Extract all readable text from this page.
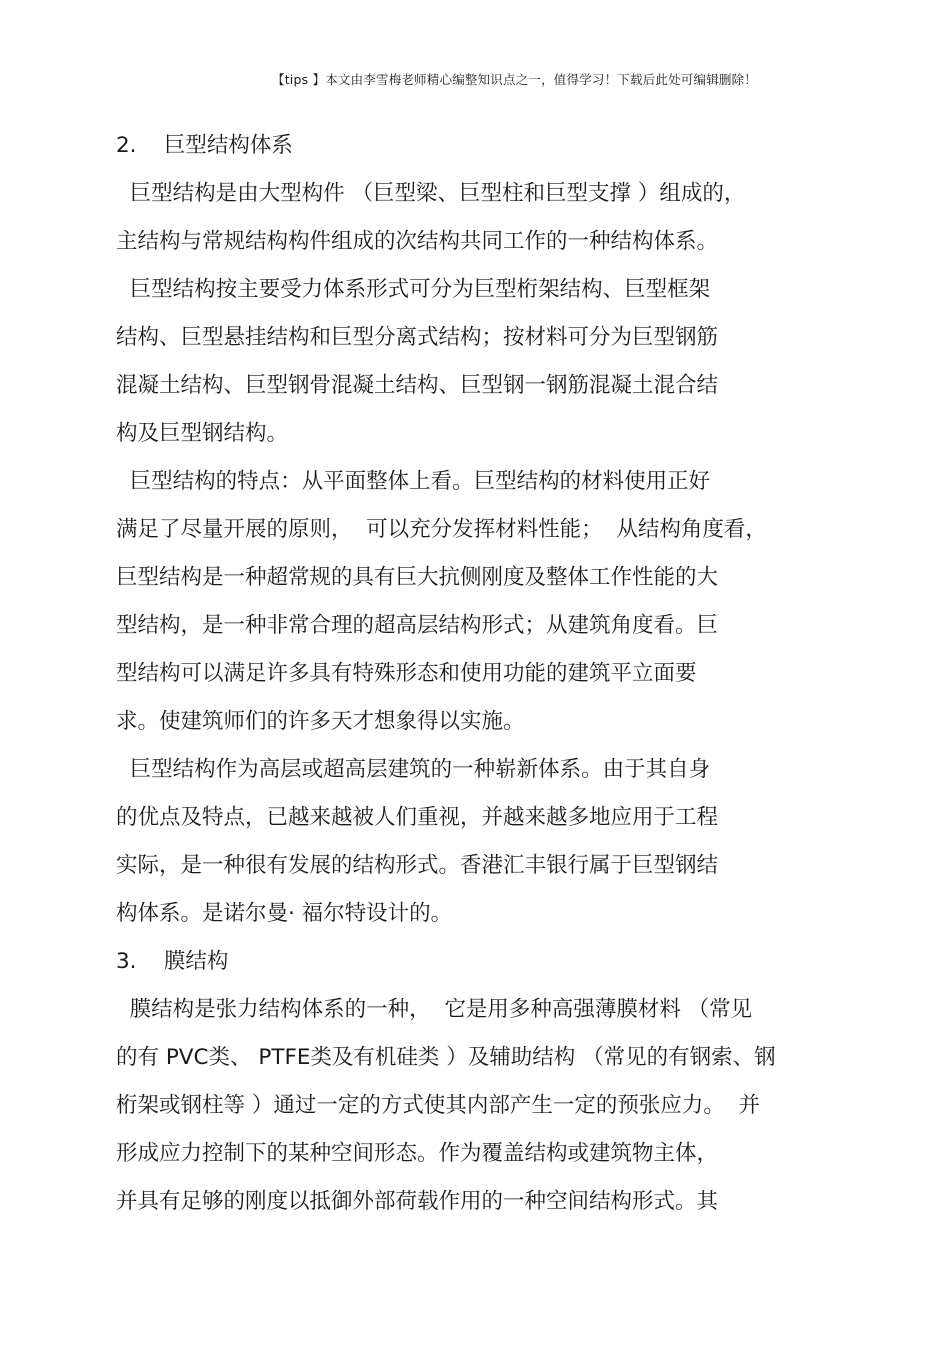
【tips 】本文由李雪梅老师精心编整知识点之一，值得学习！下载后此处可编辑删除！
2.    巨型结构体系
巨型结构是由大型构件 （巨型梁、巨型柱和巨型支撑 ）组成的，
主结构与常规结构构件组成的次结构共同工作的一种结构体系。
巨型结构按主要受力体系形式可分为巨型桁架结构、巨型框架
结构、巨型悬挂结构和巨型分离式结构；按材料可分为巨型钢筋
混凝土结构、巨型钢骨混凝土结构、巨型钢一钢筋混凝土混合结
构及巨型钢结构。
巨型结构的特点：从平面整体上看。巨型结构的材料使用正好
满足了尽量开展的原则，  可以充分发挥材料性能；  从结构角度看，
巨型结构是一种超常规的具有巨大抗侧刚度及整体工作性能的大
型结构，是一种非常合理的超高层结构形式；从建筑角度看。巨
型结构可以满足许多具有特殊形态和使用功能的建筑平立面要
求。使建筑师们的许多天才想象得以实施。
巨型结构作为高层或超高层建筑的一种崭新体系。由于其自身
的优点及特点，已越来越被人们重视，并越来越多地应用于工程
实际，是一种很有发展的结构形式。香港汇丰银行属于巨型钢结
构体系。是诺尔曼· 福尔特设计的。
3.    膜结构
膜结构是张力结构体系的一种，  它是用多种高强薄膜材料 （常见
的有 PVC类、 PTFE类及有机硅类 ）及辅助结构 （常见的有钢索、钢
桁架或钢柱等 ）通过一定的方式使其内部产生一定的预张应力。  并
形成应力控制下的某种空间形态。作为覆盖结构或建筑物主体，
并具有足够的刚度以抵御外部荷载作用的一种空间结构形式。其
